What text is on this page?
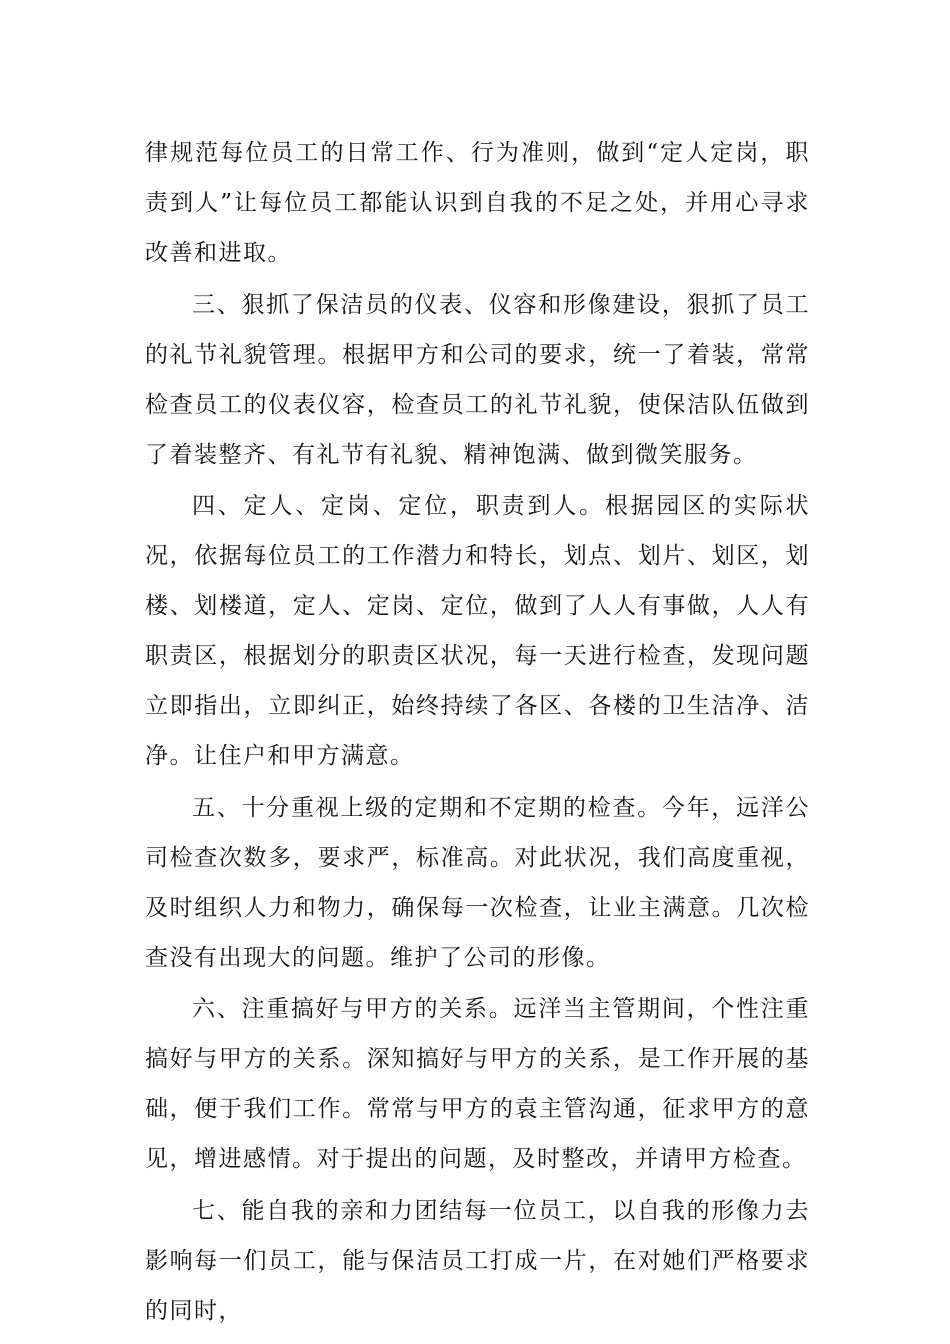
律规范每位员工的日常工作、行为准则，做到“定人定岗，职责到人”让每位员工都能认识到自我的不足之处，并用心寻求改善和进取。

三、狠抓了保洁员的仪表、仪容和形像建设，狠抓了员工的礼节礼貌管理。根据甲方和公司的要求，统一了着装，常常检查员工的仪表仪容，检查员工的礼节礼貌，使保洁队伍做到了着装整齐、有礼节有礼貌、精神饱满、做到微笑服务。

四、定人、定岗、定位，职责到人。根据园区的实际状况，依据每位员工的工作潜力和特长，划点、划片、划区，划楼、划楼道，定人、定岗、定位，做到了人人有事做，人人有职责区，根据划分的职责区状况，每一天进行检查，发现问题立即指出，立即纠正，始终持续了各区、各楼的卫生洁净、洁净。让住户和甲方满意。

五、十分重视上级的定期和不定期的检查。今年，远洋公司检查次数多，要求严，标准高。对此状况，我们高度重视，及时组织人力和物力，确保每一次检查，让业主满意。几次检查没有出现大的问题。维护了公司的形像。

六、注重搞好与甲方的关系。远洋当主管期间，个性注重搞好与甲方的关系。深知搞好与甲方的关系，是工作开展的基础，便于我们工作。常常与甲方的袁主管沟通，征求甲方的意见，增进感情。对于提出的问题，及时整改，并请甲方检查。

七、能自我的亲和力团结每一位员工，以自我的形像力去影响每一们员工，能与保洁员工打成一片，在对她们严格要求的同时，
